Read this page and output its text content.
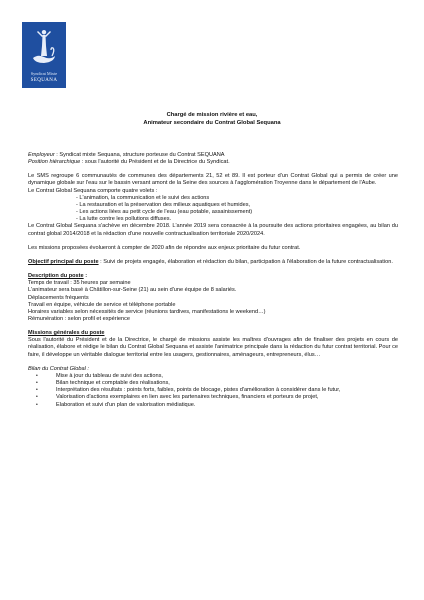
Syndicat Mixte
SEQUANA
Chargé de mission rivière et eau,
Animateur secondaire du Contrat Global Sequana

Employeur : Syndicat mixte Sequana, structure porteuse du Contrat SEQUANA

Position hiérarchique : sous l'autorité du Président et de la Directrice du Syndicat.

Le SMS regroupe 6 communautés de communes des départements 21, 52 et 89. Il est porteur d'un Contrat Global qui a permis de créer une dynamique globale sur l'eau sur le bassin versant amont de la Seine des sources à l'agglomération Troyenne dans le département de l'Aube.

Le Contrat Global Sequana comporte quatre volets :

- L'animation, la communication et le suivi des actions

- La restauration et la préservation des milieux aquatiques et humides,

- Les actions liées au petit cycle de l'eau (eau potable, assainissement)

- La lutte contre les pollutions diffuses.

Le Contrat Global Sequana s'achève en décembre 2018. L'année 2019 sera consacrée à la poursuite des actions prioritaires engagées, au bilan du contrat global 2014/2018 et la rédaction d'une nouvelle contractualisation territoriale 2020/2024.

Les missions proposées évolueront à compter de 2020 afin de répondre aux enjeux prioritaire du futur contrat.

Objectif principal du poste : Suivi de projets engagés, élaboration et rédaction du bilan, participation à l'élaboration de la future contractualisation.

Description du poste :

Temps de travail : 35 heures par semaine

L'animateur sera basé à Châtillon-sur-Seine (21) au sein d'une équipe de 8 salariés.

Déplacements fréquents

Travail en équipe, véhicule de service et téléphone portable

Horaires variables selon nécessités de service (réunions tardives, manifestations le weekend…)

Rémunération : selon profil et expérience

Missions générales du poste

Sous l'autorité du Président et de la Directrice, le chargé de missions assiste les maîtres d'ouvrages afin de finaliser des projets en cours de réalisation, élabore et rédige le bilan du Contrat Global Sequana et assiste l'animatrice principale dans la rédaction du futur contrat territorial. Pour ce faire, il développe un véritable dialogue territorial entre les usagers, gestionnaires, aménageurs, entrepreneurs, élus…

Bilan du Contrat Global :

•	Mise à jour du tableau de suivi des actions,
•	Bilan technique et comptable des réalisations,
•	Interprétation des résultats : points forts, faibles, points de blocage, pistes d'amélioration à considérer dans le futur,
•	Valorisation d'actions exemplaires en lien avec les partenaires techniques, financiers et porteurs de projet,
•	Elaboration et suivi d'un plan de valorisation médiatique.
